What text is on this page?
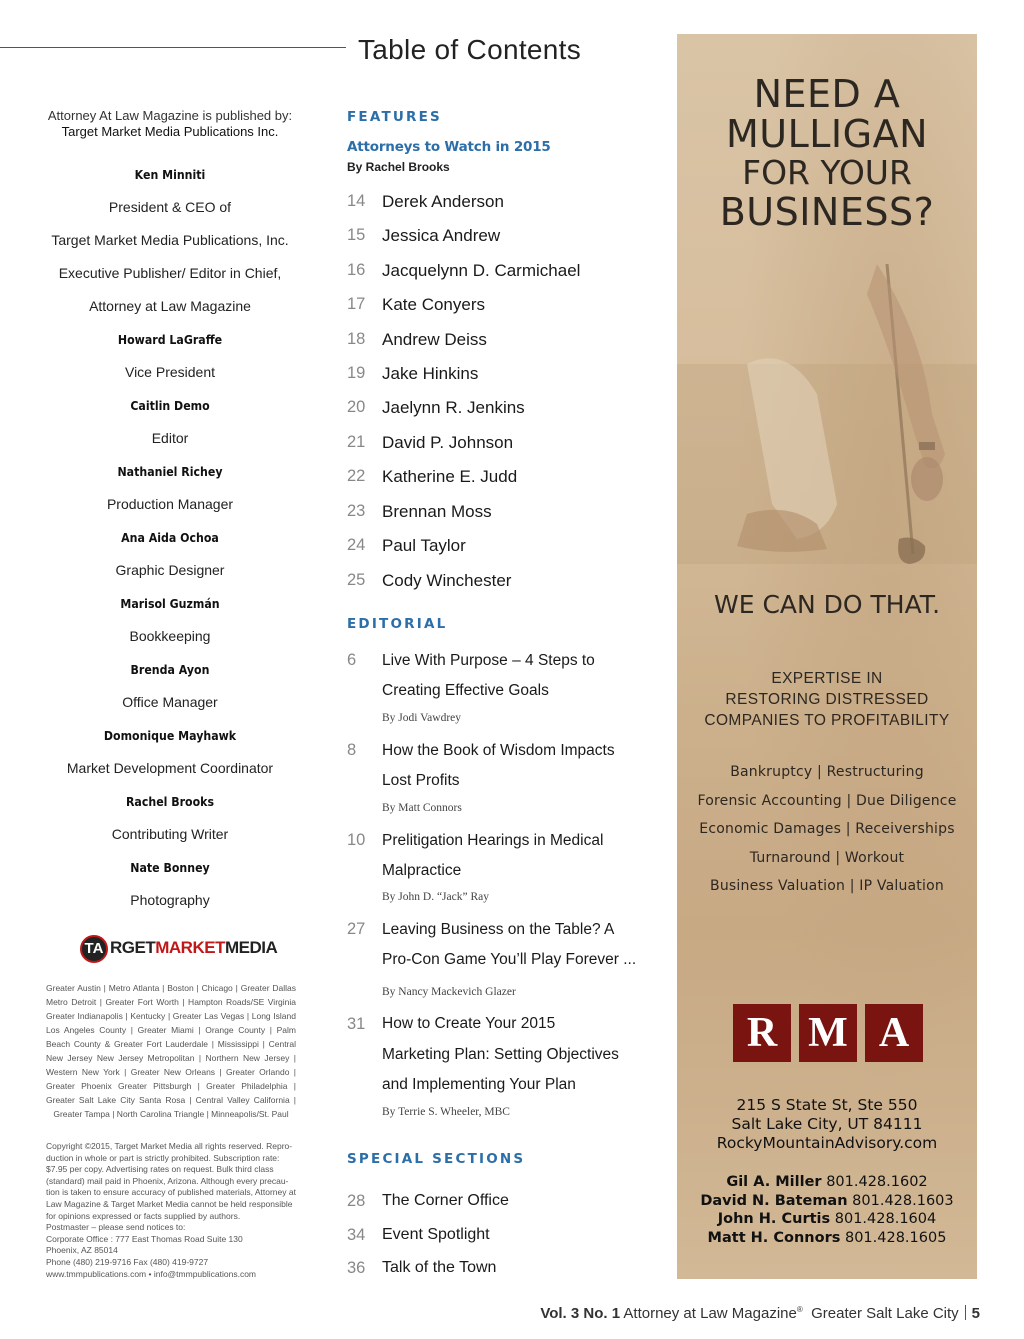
Table of Contents
Attorney At Law Magazine is published by:
Target Market Media Publications Inc.
Ken Minniti
President & CEO of
Target Market Media Publications, Inc.
Executive Publisher/ Editor in Chief,
Attorney at Law Magazine
Howard LaGraffe
Vice President
Caitlin Demo
Editor
Nathaniel Richey
Production Manager
Ana Aida Ochoa
Graphic Designer
Marisol Guzmán
Bookkeeping
Brenda Ayon
Office Manager
Domonique Mayhawk
Market Development Coordinator
Rachel Brooks
Contributing Writer
Nate Bonney
Photography
TA RGETMARKETMEDIA
Greater Austin | Metro Atlanta | Boston | Chicago | Greater Dallas Metro Detroit | Greater Fort Worth | Hampton Roads/SE Virginia Greater Indianapolis | Kentucky | Greater Las Vegas | Long Island Los Angeles County | Greater Miami | Orange County | Palm Beach County & Greater Fort Lauderdale | Mississippi | Central New Jersey New Jersey Metropolitan | Northern New Jersey | Western New York | Greater New Orleans | Greater Orlando | Greater Phoenix Greater Pittsburgh | Greater Philadelphia | Greater Salt Lake City Santa Rosa | Central Valley California | Greater Tampa | North Carolina Triangle | Minneapolis/St. Paul
Copyright ©2015, Target Market Media all rights reserved. Repro-
duction in whole or part is strictly prohibited. Subscription rate:
$7.95 per copy. Advertising rates on request. Bulk third class
(standard) mail paid in Phoenix, Arizona. Although every precau-
tion is taken to ensure accuracy of published materials, Attorney at
Law Magazine & Target Market Media cannot be held responsible
for opinions expressed or facts supplied by authors.
Postmaster – please send notices to:
Corporate Office : 777 East Thomas Road Suite 130
Phoenix, AZ 85014
Phone (480) 219-9716 Fax (480) 419-9727
www.tmmpublications.com • info@tmmpublications.com
FEATURES
Attorneys to Watch in 2015
By Rachel Brooks
14 Derek Anderson
15 Jessica Andrew
16 Jacquelynn D. Carmichael
17 Kate Conyers
18 Andrew Deiss
19 Jake Hinkins
20 Jaelynn R. Jenkins
21 David P. Johnson
22 Katherine E. Judd
23 Brennan Moss
24 Paul Taylor
25 Cody Winchester
EDITORIAL
6 Live With Purpose – 4 Steps to
Creating Effective Goals
By Jodi Vawdrey
8 How the Book of Wisdom Impacts
Lost Profits
By Matt Connors
10 Prelitigation Hearings in Medical
Malpractice
By John D. “Jack” Ray
27 Leaving Business on the Table? A
Pro-Con Game You’ll Play Forever ...
By Nancy Mackevich Glazer
31 How to Create Your 2015
Marketing Plan: Setting Objectives
and Implementing Your Plan
By Terrie S. Wheeler, MBC
SPECIAL SECTIONS
28	The Corner Office
34	Event Spotlight
36	Talk of the Town
NEED A
MULLIGAN
FOR YOUR
BUSINESS?
WE CAN DO THAT.
EXPERTISE IN
RESTORING DISTRESSED
COMPANIES TO PROFITABILITY
Bankruptcy | Restructuring
Forensic Accounting | Due Diligence
Economic Damages | Receiverships
Turnaround | Workout
Business Valuation | IP Valuation
R M A
215 S State St, Ste 550
Salt Lake City, UT 84111
RockyMountainAdvisory.com
Gil A. Miller 801.428.1602
David N. Bateman 801.428.1603
John H. Curtis 801.428.1604
Matt H. Connors 801.428.1605
Vol. 3 No. 1 Attorney at Law Magazine® Greater Salt Lake City 5
